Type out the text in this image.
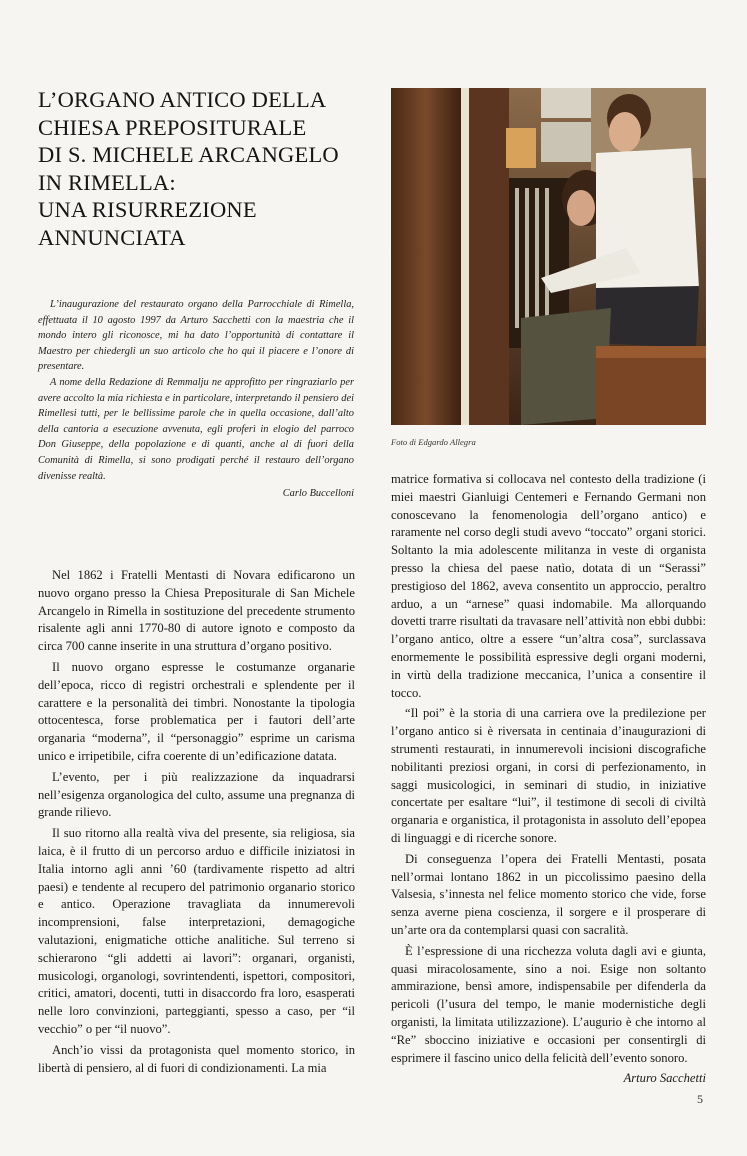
L’ORGANO ANTICO DELLA
CHIESA PREPOSITURALE
DI S. MICHELE ARCANGELO
IN RIMELLA:
UNA RISURREZIONE
ANNUNCIATA

L’inaugurazione del restaurato organo della Parrocchiale di Rimella, effettuata il 10 agosto 1997 da Arturo Sacchetti con la maestria che il mondo intero gli riconosce, mi ha dato l’opportunità di contattare il Maestro per chiedergli un suo articolo che ho qui il piacere e l’onore di presentare.

A nome della Redazione di Remmalju ne approfitto per ringraziarlo per avere accolto la mia richiesta e in particolare, interpretando il pensiero dei Rimellesi tutti, per le bellissime parole che in quella occasione, dall’alto della cantoria a esecuzione avvenuta, egli proferì in elogio del parroco Don Giuseppe, della popolazione e di quanti, anche al di fuori della Comunità di Rimella, si sono prodigati perché il restauro dell’organo divenisse realtà.

Carlo Buccelloni

Foto di Edgardo Allegra

Nel 1862 i Fratelli Mentasti di Novara edificarono un nuovo organo presso la Chiesa Prepositurale di San Michele Arcangelo in Rimella in sostituzione del precedente strumento risalente agli anni 1770-80 di autore ignoto e composto da circa 700 canne inserite in una struttura d’organo positivo.

Il nuovo organo espresse le costumanze organarie dell’epoca, ricco di registri orchestrali e splendente per il carattere e la personalità dei timbri. Nonostante la tipologia ottocentesca, forse problematica per i fautori dell’arte organaria “moderna”, il “personaggio” esprime un carisma unico e irripetibile, cifra coerente di un’edificazione datata.

L’evento, per i più realizzazione da inquadrarsi nell’esigenza organologica del culto, assume una pregnanza di grande rilievo.

Il suo ritorno alla realtà viva del presente, sia religiosa, sia laica, è il frutto di un percorso arduo e difficile iniziatosi in Italia intorno agli anni ’60 (tardivamente rispetto ad altri paesi) e tendente al recupero del patrimonio organario storico e antico. Operazione travagliata da innumerevoli incomprensioni, false interpretazioni, demagogiche valutazioni, enigmatiche ottiche analitiche. Sul terreno si schierarono “gli addetti ai lavori”: organari, organisti, musicologi, organologi, sovrintendenti, ispettori, compositori, critici, amatori, docenti, tutti in disaccordo fra loro, esasperati nelle loro convinzioni, parteggianti, spesso a caso, per “il vecchio” o per “il nuovo”.

Anch’io vissi da protagonista quel momento storico, in libertà di pensiero, al di fuori di condizionamenti. La mia

matrice formativa si collocava nel contesto della tradizione (i miei maestri Gianluigi Centemeri e Fernando Germani non conoscevano la fenomenologia dell’organo antico) e raramente nel corso degli studi avevo “toccato” organi storici. Soltanto la mia adolescente militanza in veste di organista presso la chiesa del paese natìo, dotata di un “Serassi” prestigioso del 1862, aveva consentito un approccio, peraltro arduo, a un “arnese” quasi indomabile. Ma allorquando dovetti trarre risultati da travasare nell’attività non ebbi dubbi: l’organo antico, oltre a essere “un’altra cosa”, surclassava enormemente le possibilità espressive degli organi moderni, in virtù della tradizione meccanica, l’unica a consentire il tocco.

“Il poi” è la storia di una carriera ove la predilezione per l’organo antico si è riversata in centinaia d’inaugurazioni di strumenti restaurati, in innumerevoli incisioni discografiche nobilitanti preziosi organi, in corsi di perfezionamento, in saggi musicologici, in seminari di studio, in iniziative concertate per esaltare “lui”, il testimone di secoli di civiltà organaria e organistica, il protagonista in assoluto dell’epopea di linguaggi e di ricerche sonore.

Di conseguenza l’opera dei Fratelli Mentasti, posata nell’ormai lontano 1862 in un piccolissimo paesino della Valsesia, s’innesta nel felice momento storico che vide, forse senza averne piena coscienza, il sorgere e il prosperare di un’arte ora da contemplarsi quasi con sacralità.

È l’espressione di una ricchezza voluta dagli avi e giunta, quasi miracolosamente, sino a noi. Esige non soltanto ammirazione, bensì amore, indispensabile per difenderla da pericoli (l’usura del tempo, le manie modernistiche degli organisti, la limitata utilizzazione). L’augurio è che intorno al “Re” sboccino iniziative e occasioni per consentirgli di esprimere il fascino unico della felicità dell’evento sonoro.

Arturo Sacchetti

5
